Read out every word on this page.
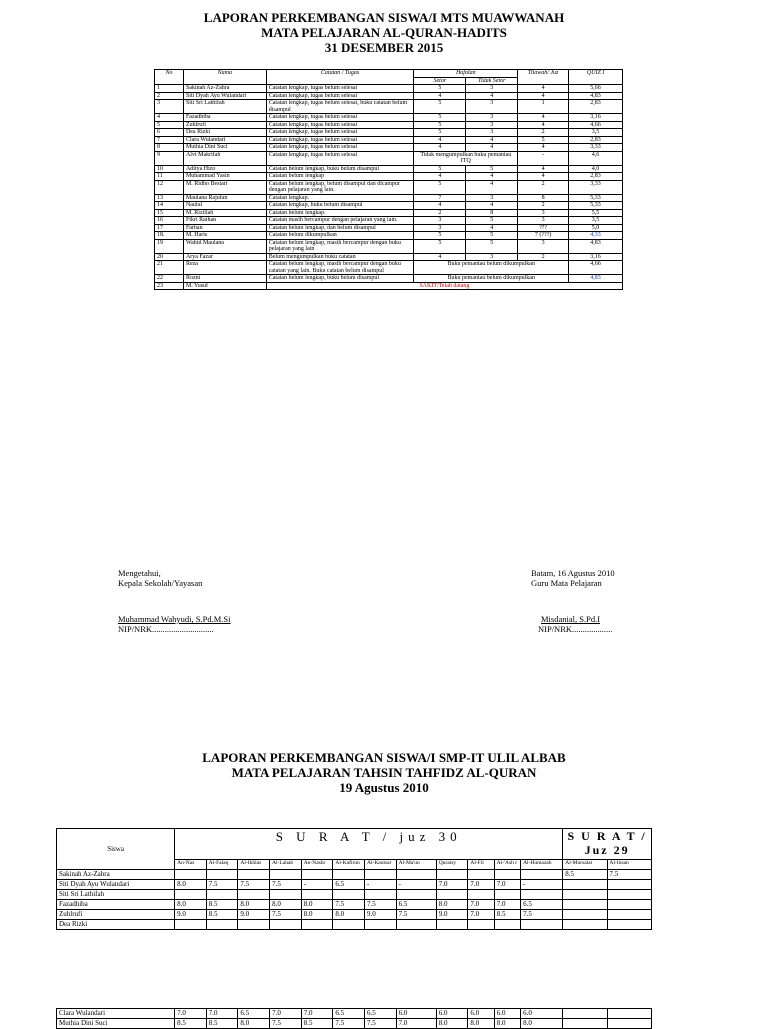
LAPORAN PERKEMBANGAN SISWA/I MTS MUAWWANAH
MATA PELAJARAN AL-QURAN-HADITS
31 DESEMBER 2015
No	Nama	Catatan / Tugas	Hafalan		Tilawah/ Juz	QUIZ I
			Setor	Tidak Setor		
1	Sakinah Az-Zahra	Catatan lengkap, tugas belum selesai	5	3	4	5,66
2	Siti Dyah Ayu Wulandari	Catatan lengkap, tugas belum selesai	4	4	4	4,83
3	Siti Sri Lathifah	Catatan lengkap, tugas belum selesai, buku catatan belum disampul	5	3	1	2,83
4	Fazadhiba	Catatan lengkap, tugas belum selesai	5	3	4	3,16
5	Zuhlrufi	Catatan lengkap, tugas belum selesai	5	3	4	4,66
6	Dea Rizki	Catatan lengkap, tugas belum selesai	5	3	2	3,5
7	Clara Wulandari	Catatan lengkap, tugas belum selesai	4	4	5	2,83
8	Muthia Dini Suci	Catatan lengkap, tugas belum selesai	4	4	4	3,33
9	Alvi Makrifah	Catatan lengkap, tugas belum selesai	Tidak mengumpulkan buku pemantau ITQ		-	4,6
10	Aditya Hizo	Catatan belum lengkap, buku belum disampul	5	5	4	4,0
11	Muhammad Yasin	Catatan belum lengkap	4	4	4	2,83
12	M. Ridho Bestari	Catatan belum lengkap, belum disampul dan dicampur dengan pelajaran yang lain.	5	4	2	3,33
13	Maulana Rajulun	Catatan lengkap.	7	3	8	5,33
14	Naufal	Catatan lengkap, buku belum disampul	4	4	2	5,33
15	M. Rizillah	Catatan belum lengkap.	2	8	3	5,5
16	Fikri Raihan	Catatan masih bercampur dengan pelajaran yang lain.	3	5	3	3,5
17	Farhan	Catatan belum lengkap, dan belum disampul	3	4	???	5,0
18.	M. Haris	Catatan belum dikumpulkan	5	5	7 (???)	4,33
19	Wahid Maulana	Catatan belum lengkap, masih bercampur dengan buku pelajaran yang lain	5	5	3	4,83
20	Arya Fazar	Belum mengumpulkan buku catatan	4	3	2	3,16
21	Reza	Catatan belum lengkap, masih bercampur dengan buku catatan yang lain. Buku catatan belum disampul	Buku pemantau belum dikumpulkan			4,66
22	Rozni	Catatan belum lengkap, buku belum disampul	Buku pemantau belum dikumpulkan			4,83
23	M. Yusuf	SAKIT/Telah datang				
Mengetahui,
Kepala Sekolah/Yayasan
Muhammad Wahyudi, S.Pd.M.Si
NIP/NRK.............................
Batam, 16 Agustus 2010
Guru Mata Pelajaran
Misdanial, S.Pd.I
NIP/NRK...................
LAPORAN PERKEMBANGAN SISWA/I SMP-IT ULIL ALBAB
MATA PELAJARAN TAHSIN TAHFIDZ AL-QURAN
19 Agustus 2010
Siswa	S U R A T / juz 30												S U R A T / Juz 29	
	An-Nas	Al-Falaq	Al-Ikhlas	Al-Lahab	An-Nashr	Al-Kafirun	Al-Kautsar	Al-Ma'un	Quraisy	Al-Fil	Al-'Ash r	Al-Humazah	Al-Mursalat	Al-Insan
Sakinah Az-Zahra													8.5	7.5
Siti Dyah Ayu Wulandari	8.0	7.5	7.5	7.5	-	6.5	-	-	7.0	7.0	7.0	-		
Siti Sri Lathifah														
Fazadhiba	8.0	8.5	8.0	8.0	8.0	7.5	7.5	6.5	8.0	7.0	7.0	6.5		
Zuhlrufi	9.0	8.5	9.0	7.5	8.0	8.0	9.0	7.5	9.0	7.0	8.5	7.5		
Dea Rizki														
Clara Wulandari	7.0	7.0	6.5	7.0	7.0	6.5	6.5	6.0	6.0	6.0	6.0	6.0		
Muthia Dini Suci	8.5	8.5	8.0	7.5	8.5	7.5	7.5	7.0	8.0	8.0	8.0	8.0		
